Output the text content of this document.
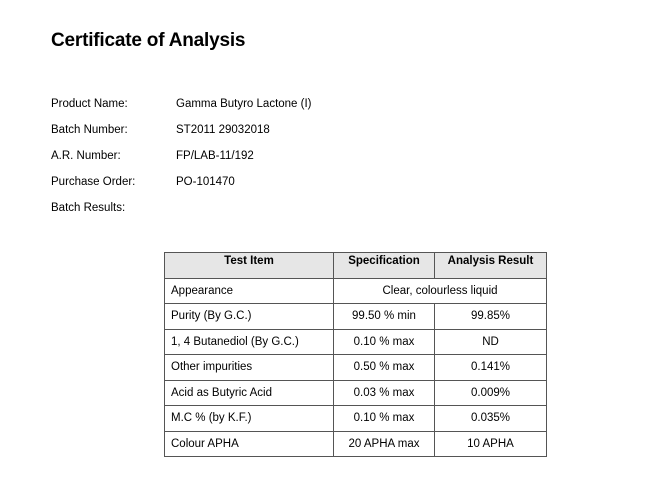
Certificate of Analysis
Product Name:	Gamma Butyro Lactone (I)
Batch Number:	ST2011 29032018
A.R. Number:	FP/LAB-11/192
Purchase Order:	PO-101470
Batch Results:
Test Item	Specification	Analysis Result
Appearance	Clear, colourless liquid	
Purity (By G.C.)	99.50 % min	99.85%
1, 4 Butanediol (By G.C.)	0.10 % max	ND
Other impurities	0.50 % max	0.141%
Acid as Butyric Acid	0.03 % max	0.009%
M.C % (by K.F.)	0.10 % max	0.035%
Colour APHA	20 APHA max	10 APHA
